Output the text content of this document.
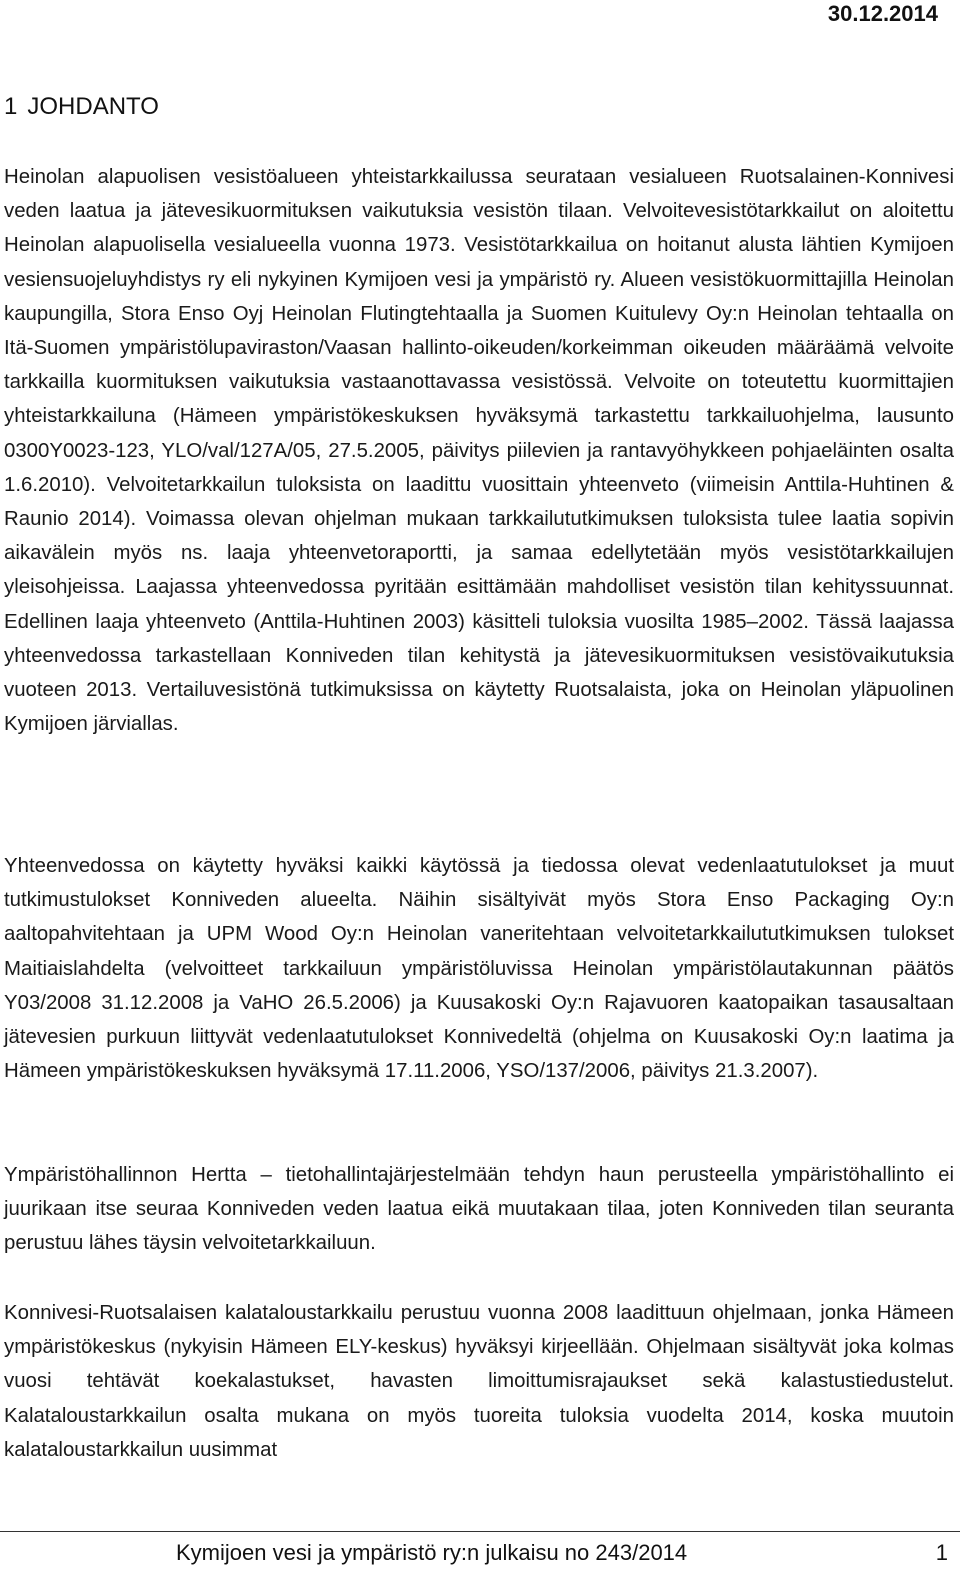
30.12.2014
1 JOHDANTO

Heinolan alapuolisen vesistöalueen yhteistarkkailussa seurataan vesialueen Ruotsalainen-Konnivesi veden laatua ja jätevesikuormituksen vaikutuksia vesistön tilaan. Velvoitevesistötarkkailut on aloitettu Heinolan alapuolisella vesialueella vuonna 1973. Vesistötarkkailua on hoitanut alusta lähtien Kymijoen vesiensuojeluyhdistys ry eli nykyinen Kymijoen vesi ja ympäristö ry. Alueen vesistökuormittajilla Heinolan kaupungilla, Stora Enso Oyj Heinolan Flutingtehtaalla ja Suomen Kuitulevy Oy:n Heinolan tehtaalla on Itä-Suomen ympäristölupaviraston/Vaasan hallinto-oikeuden/korkeimman oikeuden määräämä velvoite tarkkailla kuormituksen vaikutuksia vastaanottavassa vesistössä. Velvoite on toteutettu kuormittajien yhteistarkkailuna (Hämeen ympäristökeskuksen hyväksymä tarkastettu tarkkailuohjelma, lausunto 0300Y0023-123, YLO/val/127A/05, 27.5.2005, päivitys piilevien ja rantavyöhykkeen pohjaeläinten osalta 1.6.2010). Velvoitetarkkailun tuloksista on laadittu vuosittain yhteenveto (viimeisin Anttila-Huhtinen & Raunio 2014). Voimassa olevan ohjelman mukaan tarkkailututkimuksen tuloksista tulee laatia sopivin aikavälein myös ns. laaja yhteenvetoraportti, ja samaa edellytetään myös vesistötarkkailujen yleisohjeissa. Laajassa yhteenvedossa pyritään esittämään mahdolliset vesistön tilan kehityssuunnat. Edellinen laaja yhteenveto (Anttila-Huhtinen 2003) käsitteli tuloksia vuosilta 1985–2002. Tässä laajassa yhteenvedossa tarkastellaan Konniveden tilan kehitystä ja jätevesikuormituksen vesistövaikutuksia vuoteen 2013. Vertailuvesistönä tutkimuksissa on käytetty Ruotsalaista, joka on Heinolan yläpuolinen Kymijoen järviallas.

Yhteenvedossa on käytetty hyväksi kaikki käytössä ja tiedossa olevat vedenlaatutulokset ja muut tutkimustulokset Konniveden alueelta. Näihin sisältyivät myös Stora Enso Packaging Oy:n aaltopahvitehtaan ja UPM Wood Oy:n Heinolan vaneritehtaan velvoitetarkkailututkimuksen tulokset Maitiaislahdelta (velvoitteet tarkkailuun ympäristöluvissa Heinolan ympäristölautakunnan päätös Y03/2008 31.12.2008 ja VaHO 26.5.2006) ja Kuusakoski Oy:n Rajavuoren kaatopaikan tasausaltaan jätevesien purkuun liittyvät vedenlaatutulokset Konnivedeltä (ohjelma on Kuusakoski Oy:n laatima ja Hämeen ympäristökeskuksen hyväksymä 17.11.2006, YSO/137/2006, päivitys 21.3.2007).

Ympäristöhallinnon Hertta – tietohallintajärjestelmään tehdyn haun perusteella ympäristöhallinto ei juurikaan itse seuraa Konniveden veden laatua eikä muutakaan tilaa, joten Konniveden tilan seuranta perustuu lähes täysin velvoitetarkkailuun.

Konnivesi-Ruotsalaisen kalataloustarkkailu perustuu vuonna 2008 laadittuun ohjelmaan, jonka Hämeen ympäristökeskus (nykyisin Hämeen ELY-keskus) hyväksyi kirjeellään. Ohjelmaan sisältyvät joka kolmas vuosi tehtävät koekalastukset, havasten limoittumisrajaukset sekä kalastustiedustelut. Kalataloustarkkailun osalta mukana on myös tuoreita tuloksia vuodelta 2014, koska muutoin kalataloustarkkailun uusimmat

Kymijoen vesi ja ympäristö ry:n julkaisu no 243/2014	1
